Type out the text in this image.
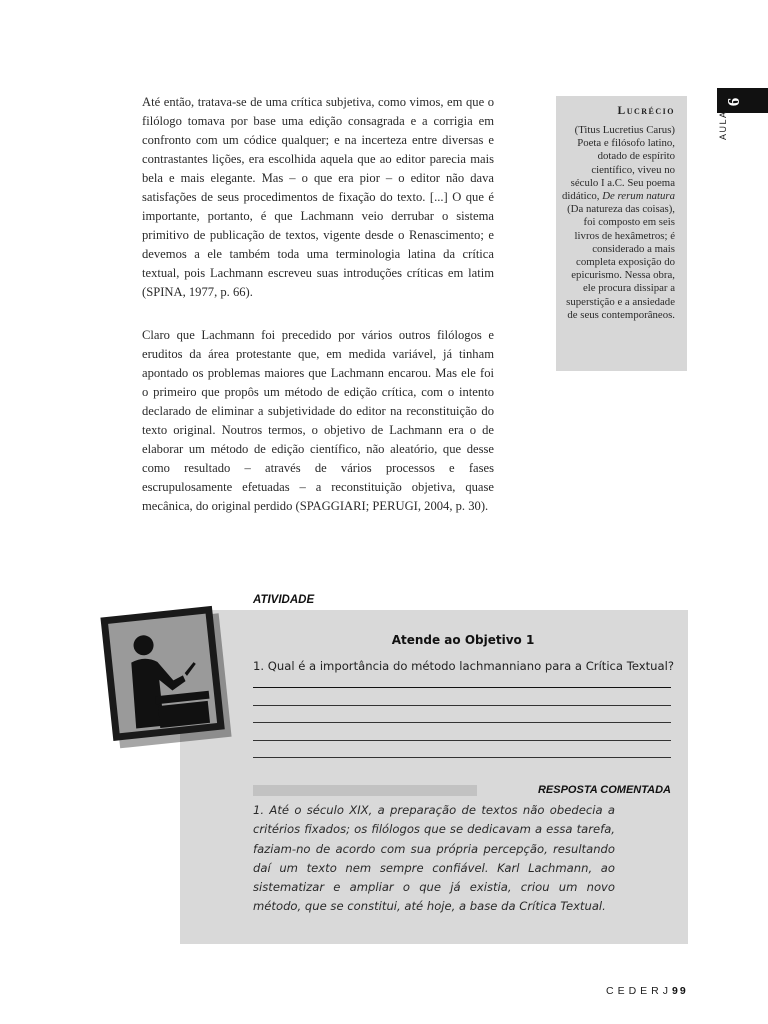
Até então, tratava-se de uma crítica subjetiva, como vimos, em que o filólogo tomava por base uma edição consagrada e a corrigia em confronto com um códice qualquer; e na incerteza entre diversas e contrastantes lições, era escolhida aquela que ao editor parecia mais bela e mais elegante. Mas – o que era pior – o editor não dava satisfações de seus procedimentos de fixação do texto. [...] O que é importante, portanto, é que Lachmann veio derrubar o sistema primitivo de publicação de textos, vigente desde o Renascimento; e devemos a ele também toda uma terminologia latina da crítica textual, pois Lachmann escreveu suas introduções críticas em latim (SPINA, 1977, p. 66).

Claro que Lachmann foi precedido por vários outros filólogos e eruditos da área protestante que, em medida variável, já tinham apontado os problemas maiores que Lachmann encarou. Mas ele foi o primeiro que propôs um método de edição crítica, com o intento declarado de eliminar a subjetividade do editor na reconstituição do texto original. Noutros termos, o objetivo de Lachmann era o de elaborar um método de edição científico, não aleatório, que desse como resultado – através de vários processos e fases escrupulosamente efetuadas – a reconstituição objetiva, quase mecânica, do original perdido (SPAGGIARI; PERUGI, 2004, p. 30).

Lucrécio

(Titus Lucretius Carus) Poeta e filósofo latino, dotado de espírito científico, viveu no século I a.C. Seu poema didático, De rerum natura (Da natureza das coisas), foi composto em seis livros de hexâmetros; é considerado a mais completa exposição do epicurismo. Nessa obra, ele procura dissipar a superstição e a ansiedade de seus contemporâneos.

6
AULA
ATIVIDADE
Atende ao Objetivo 1
1. Qual é a importância do método lachmanniano para a Crítica Textual?
RESPOSTA COMENTADA

1. Até o século XIX, a preparação de textos não obedecia a critérios fixados; os filólogos que se dedicavam a essa tarefa, faziam-no de acordo com sua própria percepção, resultando daí um texto nem sempre confiável. Karl Lachmann, ao sistematizar e ampliar o que já existia, criou um novo método, que se constitui, até hoje, a base da Crítica Textual.

CEDERJ 99
